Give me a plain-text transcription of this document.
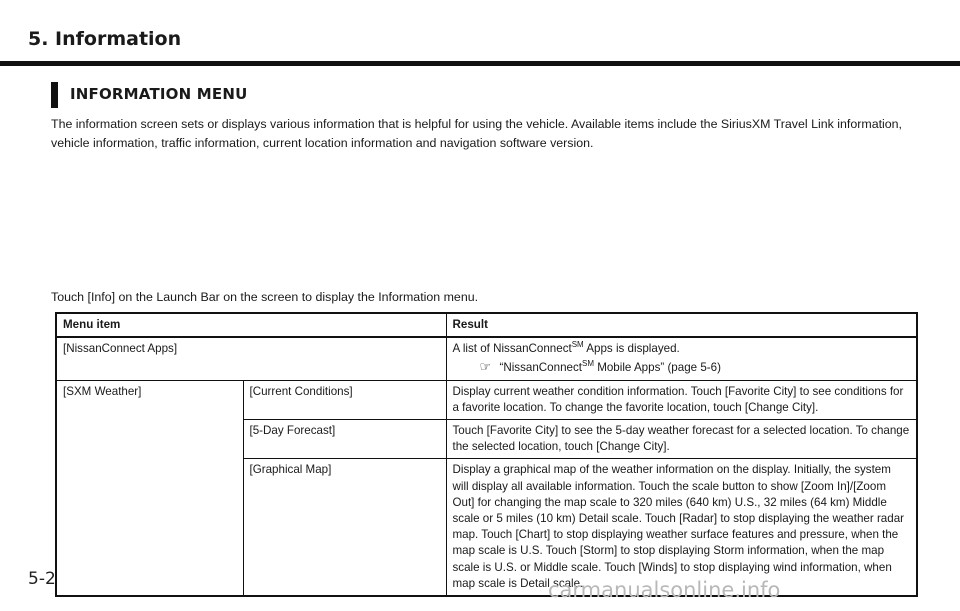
5. Information
INFORMATION MENU

The information screen sets or displays various information that is helpful for using the vehicle. Available items include the SiriusXM Travel Link information, vehicle information, traffic information, current location information and navigation software version.

Touch [Info] on the Launch Bar on the screen to display the Information menu.

Menu item		Result
[NissanConnect Apps]		A list of NissanConnect℠ Apps is displayed.
☞ “NissanConnect℠ Mobile Apps” (page 5-6)

[SXM Weather]	[Current Conditions]	Display current weather condition information. Touch [Favorite City] to see conditions for a favorite location. To change the favorite location, touch [Change City].
	[5-Day Forecast]	Touch [Favorite City] to see the 5-day weather forecast for a selected location. To change the selected location, touch [Change City].
	[Graphical Map]	Display a graphical map of the weather information on the display. Initially, the system will display all available information. Touch the scale button to show [Zoom In]/[Zoom Out] for changing the map scale to 320 miles (640 km) U.S., 32 miles (64 km) Middle scale or 5 miles (10 km) Detail scale. Touch [Radar] to stop displaying the weather radar map. Touch [Chart] to stop displaying weather surface features and pressure, when the map scale is U.S. Touch [Storm] to stop displaying Storm information, when the map scale is U.S. or Middle scale. Touch [Winds] to stop displaying wind information, when map scale is Detail scale.
5-2	carmanualsonline.info
